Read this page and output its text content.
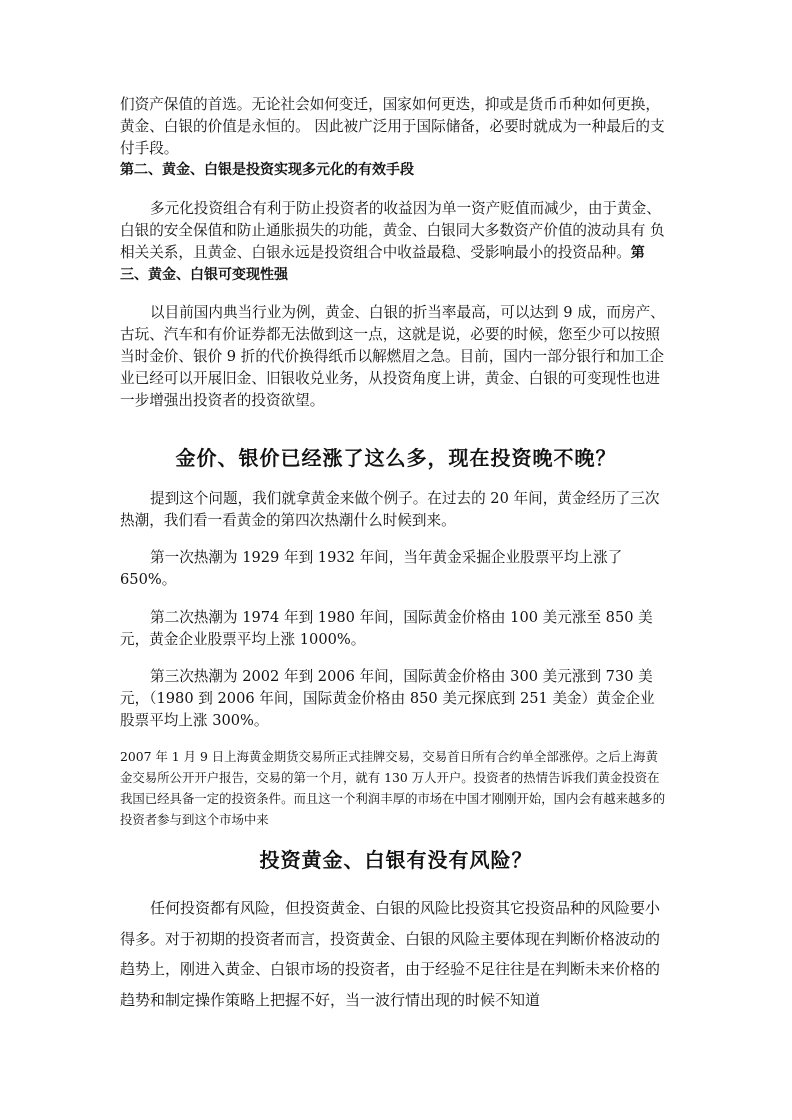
们资产保值的首选。无论社会如何变迁，国家如何更迭，抑或是货币币种如何更换，黄金、白银的价值是永恒的。 因此被广泛用于国际储备，必要时就成为一种最后的支付手段。

第二、黄金、白银是投资实现多元化的有效手段

多元化投资组合有利于防止投资者的收益因为单一资产贬值而减少，由于黄金、白银的安全保值和防止通胀损失的功能，黄金、白银同大多数资产价值的波动具有 负相关关系，且黄金、白银永远是投资组合中收益最稳、受影响最小的投资品种。第三、黄金、白银可变现性强

以目前国内典当行业为例，黄金、白银的折当率最高，可以达到 9 成，而房产、古玩、汽车和有价证券都无法做到这一点，这就是说，必要的时候，您至少可以按照当时金价、银价 9 折的代价换得纸币以解燃眉之急。目前，国内一部分银行和加工企业已经可以开展旧金、旧银收兑业务，从投资角度上讲，黄金、白银的可变现性也进一步增强出投资者的投资欲望。

金价、银价已经涨了这么多，现在投资晚不晚？

提到这个问题，我们就拿黄金来做个例子。在过去的 20 年间，黄金经历了三次热潮，我们看一看黄金的第四次热潮什么时候到来。

第一次热潮为 1929 年到 1932 年间，当年黄金采掘企业股票平均上涨了 650%。

第二次热潮为 1974 年到 1980 年间，国际黄金价格由 100 美元涨至 850 美元，黄金企业股票平均上涨 1000%。

第三次热潮为 2002 年到 2006 年间，国际黄金价格由 300 美元涨到 730 美元，（1980 到 2006 年间，国际黄金价格由 850 美元探底到 251 美金）黄金企业股票平均上涨 300%。

2007 年 1 月 9 日上海黄金期货交易所正式挂牌交易，交易首日所有合约单全部涨停。之后上海黄金交易所公开开户报告，交易的第一个月，就有 130 万人开户。投资者的热情告诉我们黄金投资在我国已经具备一定的投资条件。而且这一个利润丰厚的市场在中国才刚刚开始，国内会有越来越多的投资者参与到这个市场中来

投资黄金、白银有没有风险？

任何投资都有风险，但投资黄金、白银的风险比投资其它投资品种的风险要小得多。对于初期的投资者而言，投资黄金、白银的风险主要体现在判断价格波动的趋势上，刚进入黄金、白银市场的投资者，由于经验不足往往是在判断未来价格的趋势和制定操作策略上把握不好，当一波行情出现的时候不知道
